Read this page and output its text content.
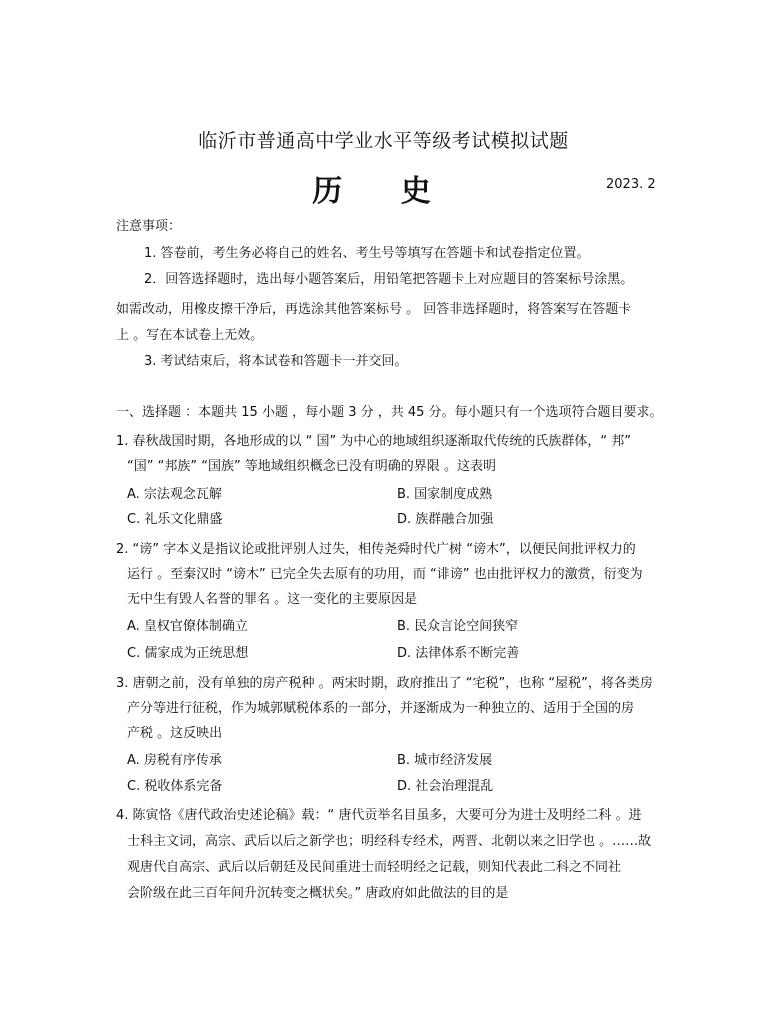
临沂市普通高中学业水平等级考试模拟试题
历 史	2023. 2
注意事项：
1. 答卷前，考生务必将自己的姓名、考生号等填写在答题卡和试卷指定位置。
2．回答选择题时，选出每小题答案后，用铅笔把答题卡上对应题目的答案标号涂黑。
如需改动，用橡皮擦干净后，再选涂其他答案标号 。 回答非选择题时，将答案写在答题卡
上 。写在本试卷上无效。
3. 考试结束后，将本试卷和答题卡一并交回。
一、选择题 ：本题共 15 小题 ，每小题 3 分 ，共 45 分。每小题只有一个选项符合题目要求。
1. 春秋战国时期，各地形成的以 “ 国” 为中心的地域组织逐渐取代传统的氏族群体，“ 邦”
“国” “邦族” “国族” 等地域组织概念已没有明确的界限 。这表明
A. 宗法观念瓦解	B. 国家制度成熟
C. 礼乐文化鼎盛	D. 族群融合加强
2. “谤” 字本义是指议论或批评别人过失，相传尧舜时代广树 “谤木”，以便民间批评权力的
运行 。至秦汉时 “谤木” 已完全失去原有的功用，而 “诽谤” 也由批评权力的激赏，衍变为
无中生有毁人名誉的罪名 。这一变化的主要原因是
A. 皇权官僚体制确立	B. 民众言论空间狭窄
C. 儒家成为正统思想	D. 法律体系不断完善
3. 唐朝之前，没有单独的房产税种 。两宋时期，政府推出了 “宅税”，也称 “屋税”，将各类房
产分等进行征税，作为城郭赋税体系的一部分，并逐渐成为一种独立的、适用于全国的房
产税 。这反映出
A. 房税有序传承	B. 城市经济发展
C. 税收体系完备	D. 社会治理混乱
4. 陈寅恪《唐代政治史述论稿》载：“ 唐代贡举名目虽多，大要可分为进士及明经二科 。进
士科主文词，高宗、武后以后之新学也；明经科专经术，两晋、北朝以来之旧学也 。……故
观唐代自高宗、武后以后朝廷及民间重进士而轻明经之记载，则知代表此二科之不同社
会阶级在此三百年间升沉转变之概状矣。” 唐政府如此做法的目的是
